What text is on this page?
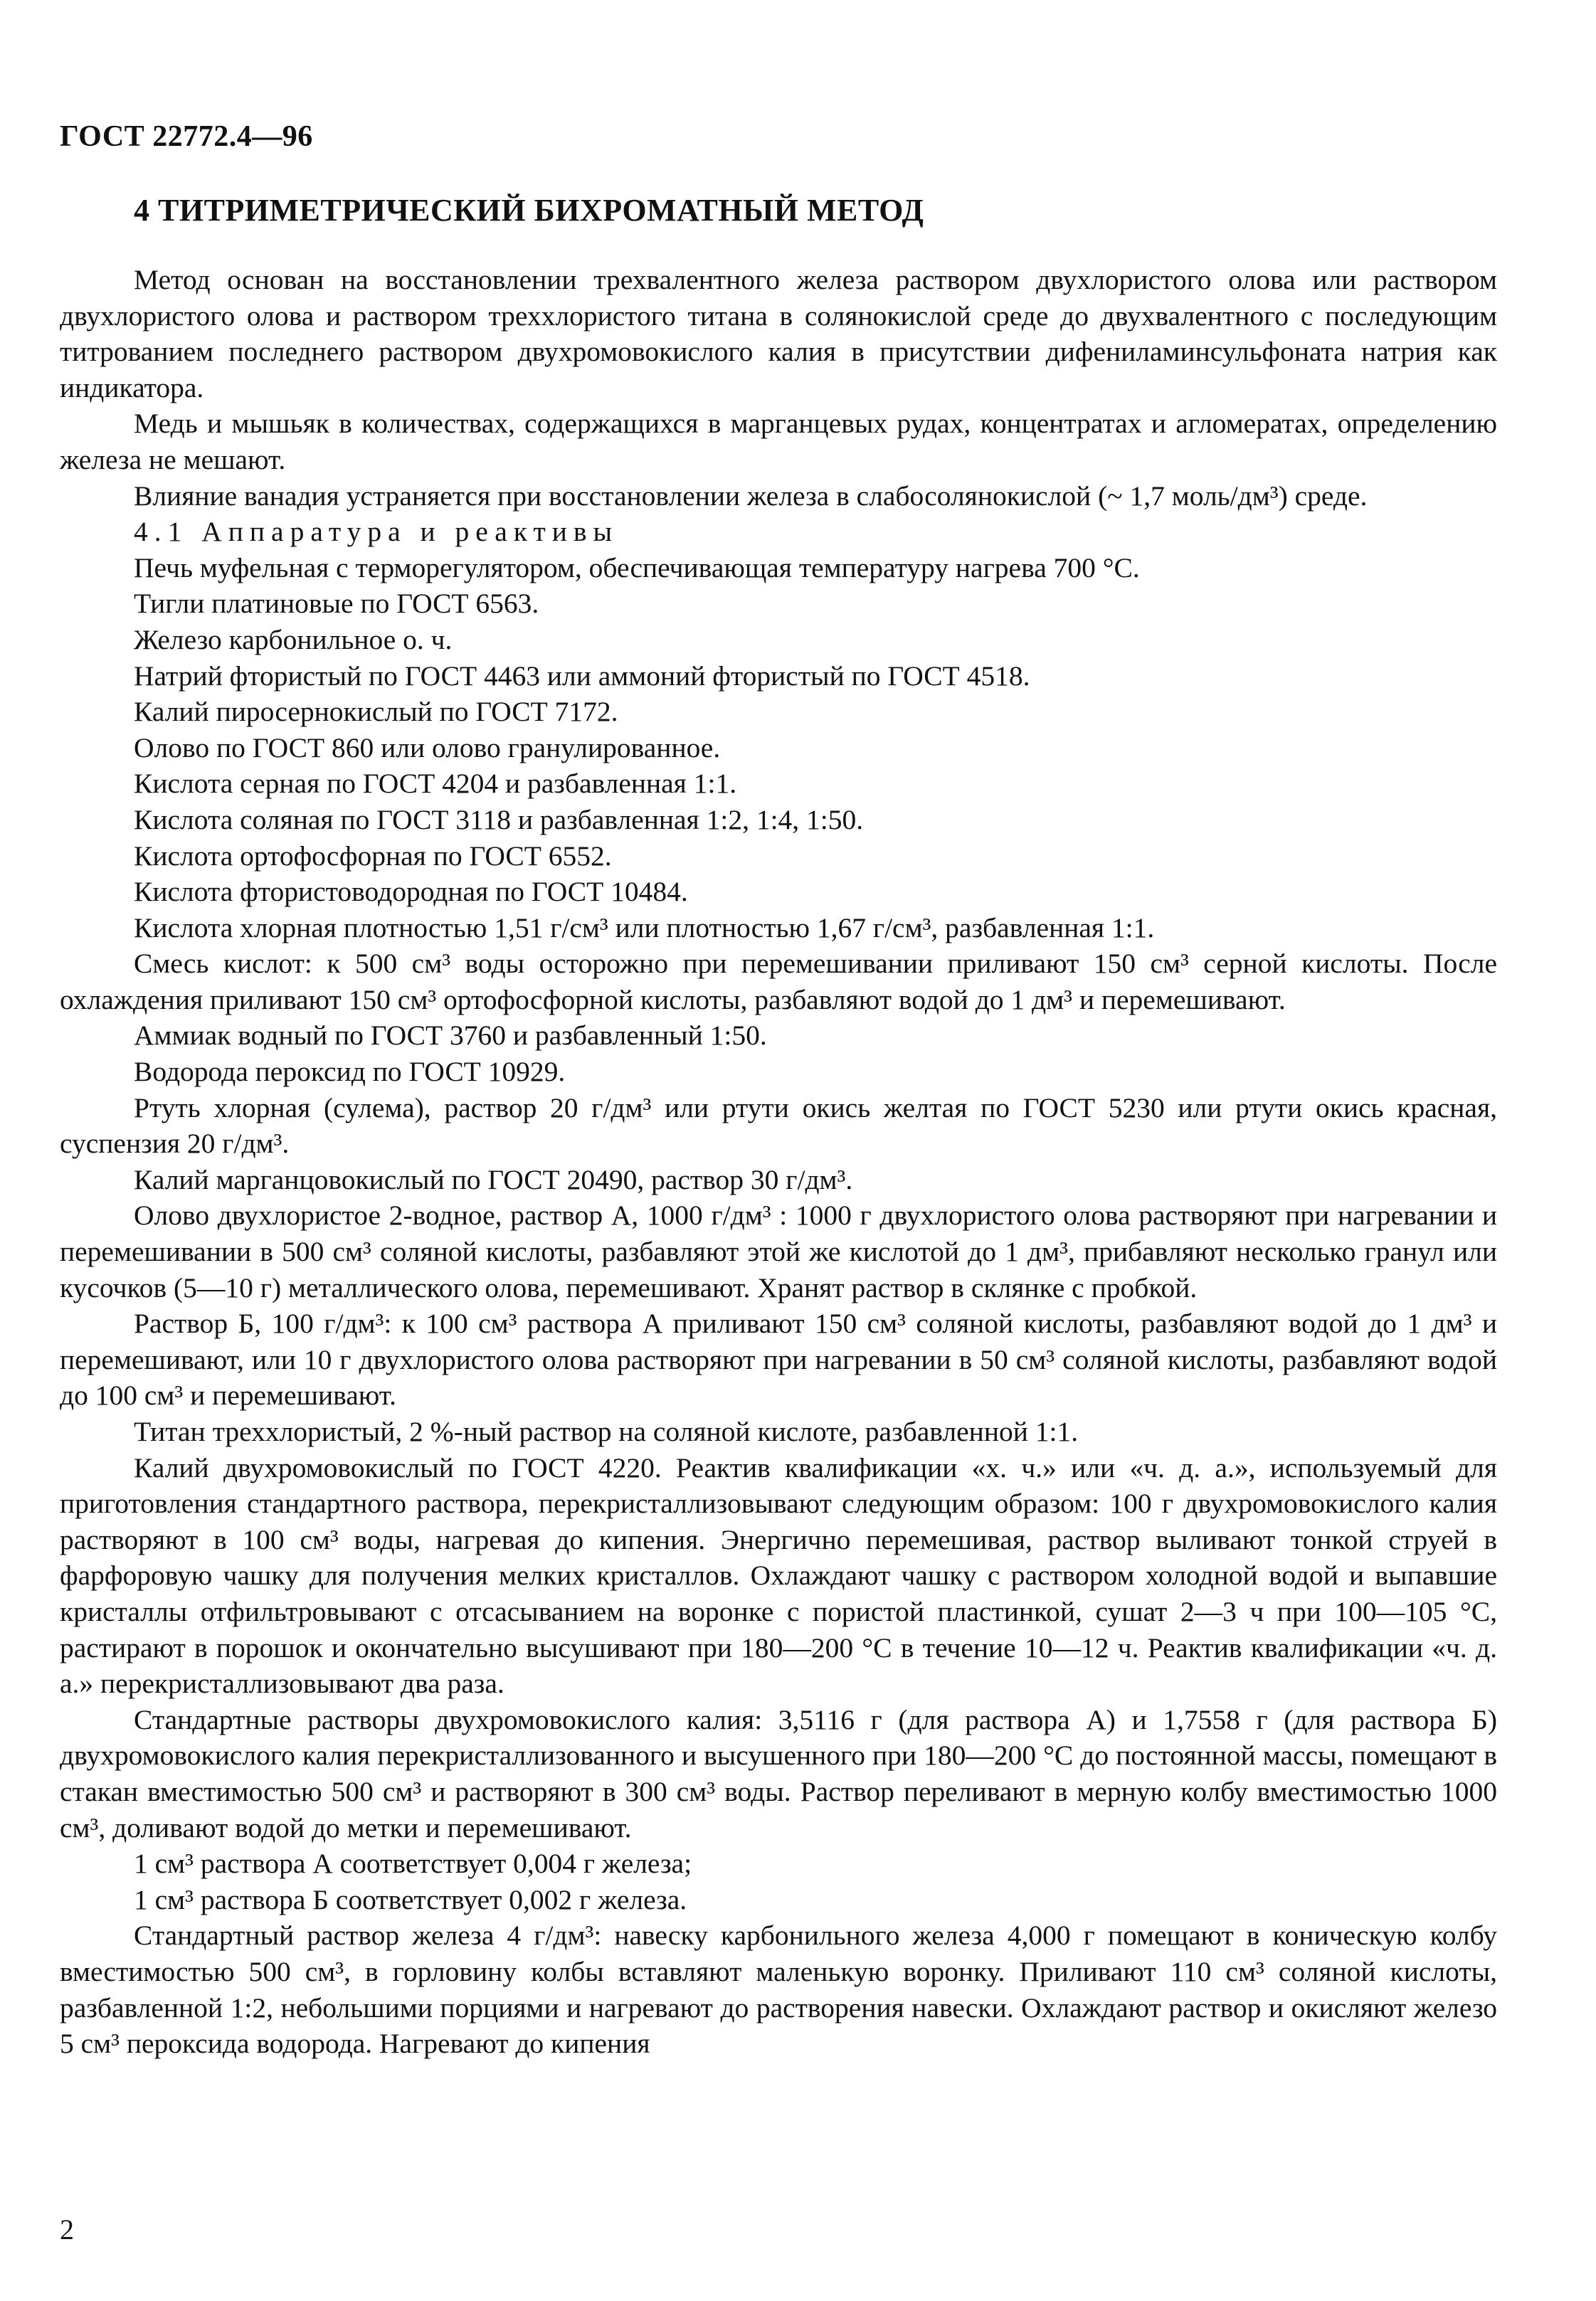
ГОСТ 22772.4—96
4 ТИТРИМЕТРИЧЕСКИЙ БИХРОМАТНЫЙ МЕТОД

Метод основан на восстановлении трехвалентного железа раствором двухлористого олова или раствором двухлористого олова и раствором треххлористого титана в солянокислой среде до двухвалентного с последующим титрованием последнего раствором двухромовокислого калия в присутствии дифениламинсульфоната натрия как индикатора.

Медь и мышьяк в количествах, содержащихся в марганцевых рудах, концентратах и агломератах, определению железа не мешают.

Влияние ванадия устраняется при восстановлении железа в слабосолянокислой (~ 1,7 моль/дм³) среде.

4.1 Аппаратура и реактивы

Печь муфельная с терморегулятором, обеспечивающая температуру нагрева 700 °С.

Тигли платиновые по ГОСТ 6563.

Железо карбонильное о. ч.

Натрий фтористый по ГОСТ 4463 или аммоний фтористый по ГОСТ 4518.

Калий пиросернокислый по ГОСТ 7172.

Олово по ГОСТ 860 или олово гранулированное.

Кислота серная по ГОСТ 4204 и разбавленная 1:1.

Кислота соляная по ГОСТ 3118 и разбавленная 1:2, 1:4, 1:50.

Кислота ортофосфорная по ГОСТ 6552.

Кислота фтористоводородная по ГОСТ 10484.

Кислота хлорная плотностью 1,51 г/см³ или плотностью 1,67 г/см³, разбавленная 1:1.

Смесь кислот: к 500 см³ воды осторожно при перемешивании приливают 150 см³ серной кислоты. После охлаждения приливают 150 см³ ортофосфорной кислоты, разбавляют водой до 1 дм³ и перемешивают.

Аммиак водный по ГОСТ 3760 и разбавленный 1:50.

Водорода пероксид по ГОСТ 10929.

Ртуть хлорная (сулема), раствор 20 г/дм³ или ртути окись желтая по ГОСТ 5230 или ртути окись красная, суспензия 20 г/дм³.

Калий марганцовокислый по ГОСТ 20490, раствор 30 г/дм³.

Олово двухлористое 2-водное, раствор А, 1000 г/дм³ : 1000 г двухлористого олова растворяют при нагревании и перемешивании в 500 см³ соляной кислоты, разбавляют этой же кислотой до 1 дм³, прибавляют несколько гранул или кусочков (5—10 г) металлического олова, перемешивают. Хранят раствор в склянке с пробкой.

Раствор Б, 100 г/дм³: к 100 см³ раствора А приливают 150 см³ соляной кислоты, разбавляют водой до 1 дм³ и перемешивают, или 10 г двухлористого олова растворяют при нагревании в 50 см³ соляной кислоты, разбавляют водой до 100 см³ и перемешивают.

Титан треххлористый, 2 %-ный раствор на соляной кислоте, разбавленной 1:1.

Калий двухромовокислый по ГОСТ 4220. Реактив квалификации «х. ч.» или «ч. д. а.», используемый для приготовления стандартного раствора, перекристаллизовывают следующим образом: 100 г двухромовокислого калия растворяют в 100 см³ воды, нагревая до кипения. Энергично перемешивая, раствор выливают тонкой струей в фарфоровую чашку для получения мелких кристаллов. Охлаждают чашку с раствором холодной водой и выпавшие кристаллы отфильтровывают с отсасыванием на воронке с пористой пластинкой, сушат 2—3 ч при 100—105 °С, растирают в порошок и окончательно высушивают при 180—200 °С в течение 10—12 ч. Реактив квалификации «ч. д. а.» перекристаллизовывают два раза.

Стандартные растворы двухромовокислого калия: 3,5116 г (для раствора А) и 1,7558 г (для раствора Б) двухромовокислого калия перекристаллизованного и высушенного при 180—200 °С до постоянной массы, помещают в стакан вместимостью 500 см³ и растворяют в 300 см³ воды. Раствор переливают в мерную колбу вместимостью 1000 см³, доливают водой до метки и перемешивают.

1 см³ раствора А соответствует 0,004 г железа;

1 см³ раствора Б соответствует 0,002 г железа.

Стандартный раствор железа 4 г/дм³: навеску карбонильного железа 4,000 г помещают в коническую колбу вместимостью 500 см³, в горловину колбы вставляют маленькую воронку. Приливают 110 см³ соляной кислоты, разбавленной 1:2, небольшими порциями и нагревают до растворения навески. Охлаждают раствор и окисляют железо 5 см³ пероксида водорода. Нагревают до кипения

2
